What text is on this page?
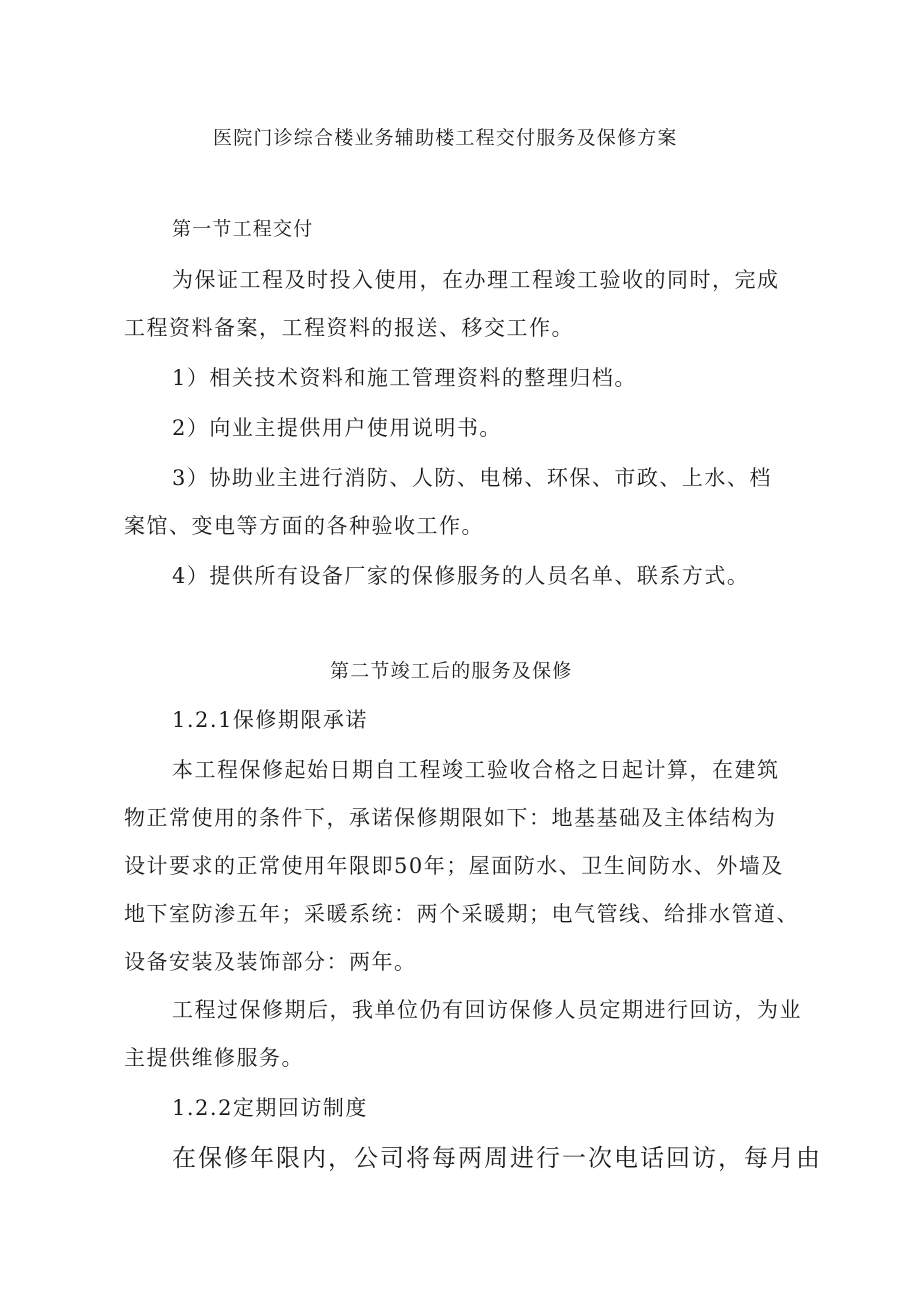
医院门诊综合楼业务辅助楼工程交付服务及保修方案
第一节工程交付
为保证工程及时投入使用，在办理工程竣工验收的同时，完成
工程资料备案，工程资料的报送、移交工作。
1）相关技术资料和施工管理资料的整理归档。
2）向业主提供用户使用说明书。
3）协助业主进行消防、人防、电梯、环保、市政、上水、档
案馆、变电等方面的各种验收工作。
4）提供所有设备厂家的保修服务的人员名单、联系方式。
第二节竣工后的服务及保修
1.2.1保修期限承诺
本工程保修起始日期自工程竣工验收合格之日起计算，在建筑
物正常使用的条件下，承诺保修期限如下：地基基础及主体结构为
设计要求的正常使用年限即50年；屋面防水、卫生间防水、外墙及
地下室防渗五年；采暖系统：两个采暖期；电气管线、给排水管道、
设备安装及装饰部分：两年。
工程过保修期后，我单位仍有回访保修人员定期进行回访，为业
主提供维修服务。
1.2.2定期回访制度
在保修年限内，公司将每两周进行一次电话回访，每月由
